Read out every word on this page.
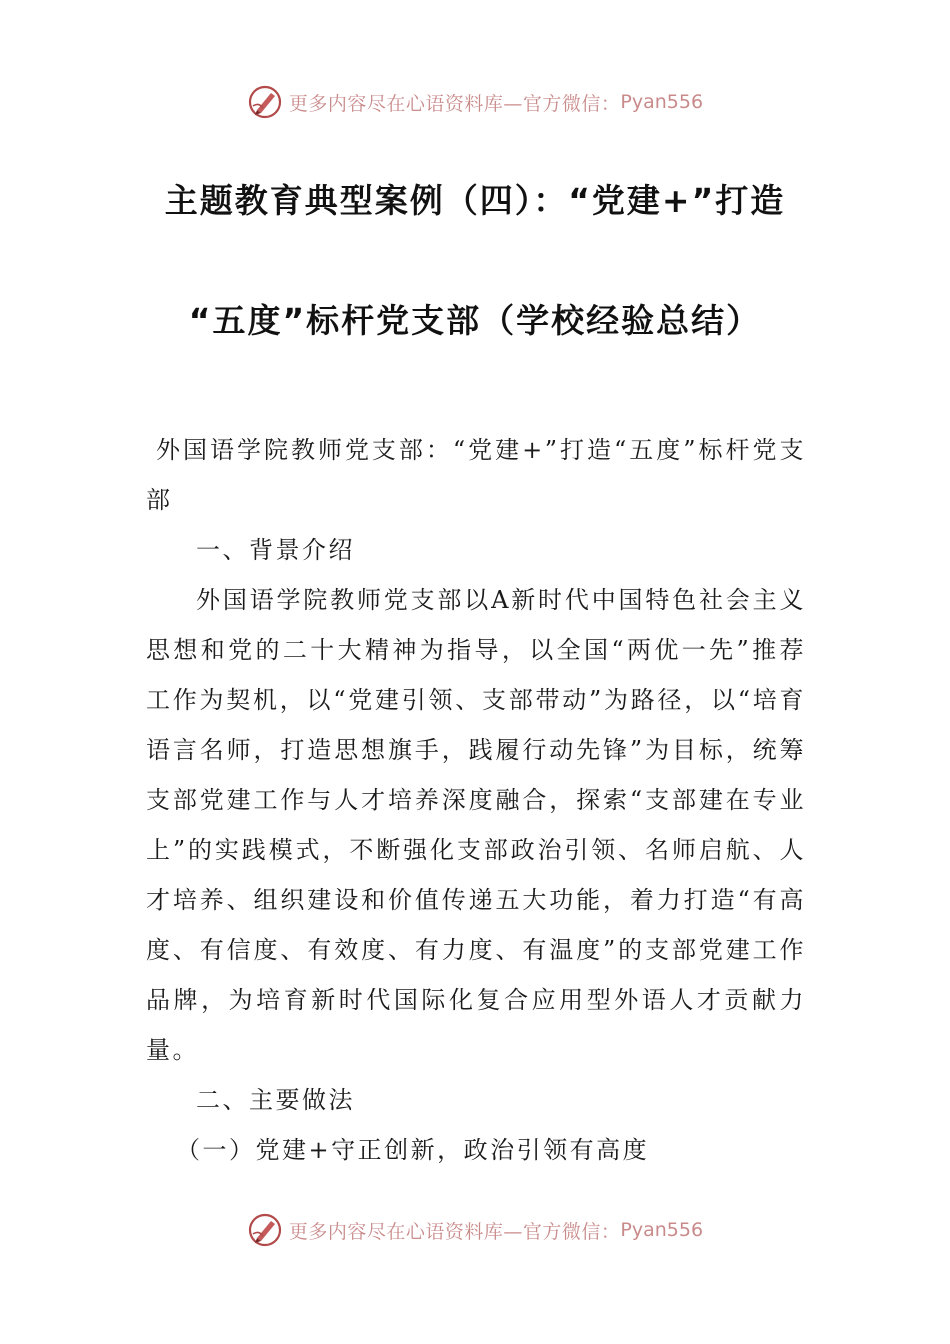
更多内容尽在心语资料库—官方微信： Pyan556
主题教育典型案例（四）：“党建+”打造
“五度”标杆党支部（学校经验总结）

外国语学院教师党支部：“党建+”打造“五度”标杆党支部

一、背景介绍

外国语学院教师党支部以A新时代中国特色社会主义思想和党的二十大精神为指导，以全国“两优一先”推荐工作为契机，以“党建引领、支部带动”为路径，以“培育语言名师，打造思想旗手，践履行动先锋”为目标，统筹支部党建工作与人才培养深度融合，探索“支部建在专业上”的实践模式，不断强化支部政治引领、名师启航、人才培养、组织建设和价值传递五大功能，着力打造“有高度、有信度、有效度、有力度、有温度”的支部党建工作品牌，为培育新时代国际化复合应用型外语人才贡献力量。

二、主要做法

（一）党建+守正创新，政治引领有高度

更多内容尽在心语资料库—官方微信： Pyan556
